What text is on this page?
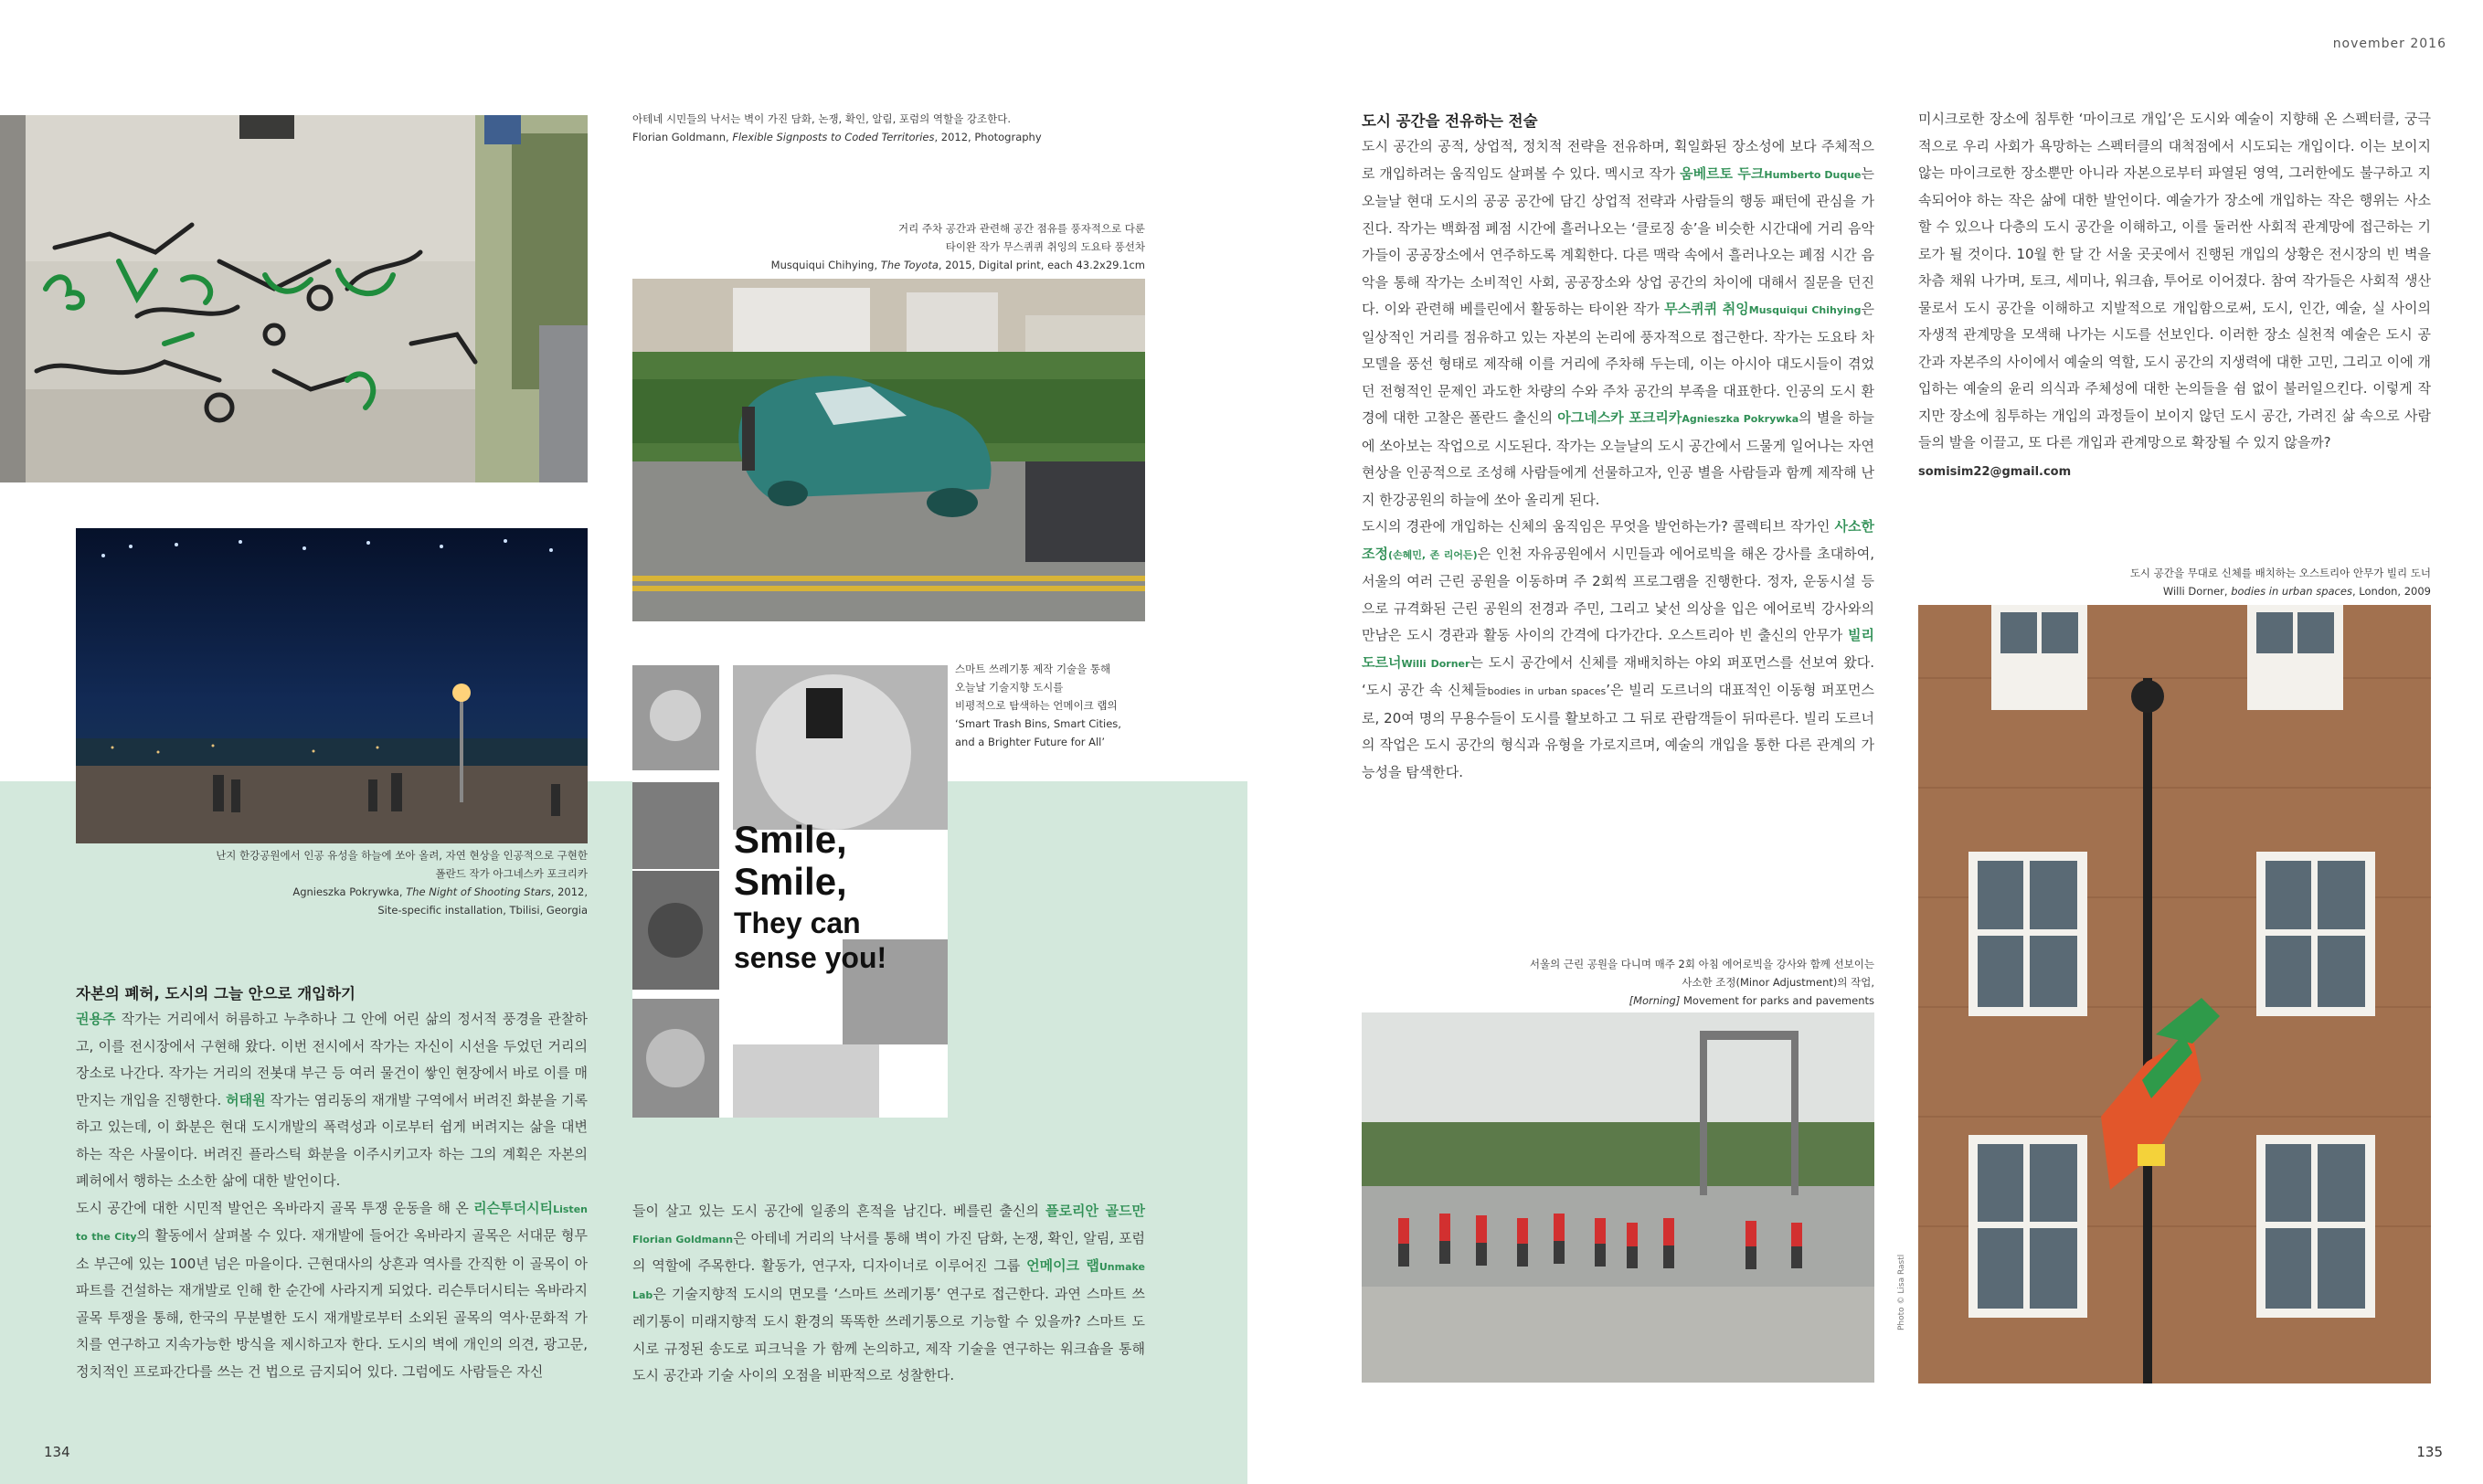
november 2016
134	135
Smile,
Smile,
They can
sense you!
Photo © Lisa Rastl
아테네 시민들의 낙서는 벽이 가진 담화, 논쟁, 확인, 알림, 포럼의 역할을 강조한다.
Florian Goldmann, Flexible Signposts to Coded Territories, 2012, Photography
거리 주차 공간과 관련해 공간 점유를 풍자적으로 다룬
타이완 작가 무스퀴퀴 취잉의 도요타 풍선차
Musquiqui Chihying, The Toyota, 2015, Digital print, each 43.2x29.1cm
스마트 쓰레기통 제작 기술을 통해
오늘날 기술지향 도시를
비평적으로 탐색하는 언메이크 랩의
‘Smart Trash Bins, Smart Cities,
and a Brighter Future for All’
난지 한강공원에서 인공 유성을 하늘에 쏘아 올려, 자연 현상을 인공적으로 구현한
폴란드 작가 아그네스카 포크리카
Agnieszka Pokrywka, The Night of Shooting Stars, 2012,
Site-specific installation, Tbilisi, Georgia
서울의 근린 공원을 다니며 매주 2회 아침 에어로빅을 강사와 함께 선보이는
사소한 조정(Minor Adjustment)의 작업,
[Morning] Movement for parks and pavements
도시 공간을 무대로 신체를 배치하는 오스트리아 안무가 빌리 도너
Willi Dorner, bodies in urban spaces, London, 2009
자본의 폐허, 도시의 그늘 안으로 개입하기

권용주 작가는 거리에서 허름하고 누추하나 그 안에 어린 삶의 정서적 풍경을 관찰하고, 이를 전시장에서 구현해 왔다. 이번 전시에서 작가는 자신이 시선을 두었던 거리의 장소로 나간다. 작가는 거리의 전봇대 부근 등 여러 물건이 쌓인 현장에서 바로 이를 매만지는 개입을 진행한다. 허태원 작가는 염리동의 재개발 구역에서 버려진 화분을 기록하고 있는데, 이 화분은 현대 도시개발의 폭력성과 이로부터 쉽게 버려지는 삶을 대변하는 작은 사물이다. 버려진 플라스틱 화분을 이주시키고자 하는 그의 계획은 자본의 폐허에서 행하는 소소한 삶에 대한 발언이다.

도시 공간에 대한 시민적 발언은 옥바라지 골목 투쟁 운동을 해 온 리슨투더시티Listen to the City의 활동에서 살펴볼 수 있다. 재개발에 들어간 옥바라지 골목은 서대문 형무소 부근에 있는 100년 넘은 마을이다. 근현대사의 상흔과 역사를 간직한 이 골목이 아파트를 건설하는 재개발로 인해 한 순간에 사라지게 되었다. 리슨투더시티는 옥바라지 골목 투쟁을 통해, 한국의 무분별한 도시 재개발로부터 소외된 골목의 역사·문화적 가치를 연구하고 지속가능한 방식을 제시하고자 한다. 도시의 벽에 개인의 의견, 광고문, 정치적인 프로파간다를 쓰는 건 법으로 금지되어 있다. 그럼에도 사람들은 자신

들이 살고 있는 도시 공간에 일종의 흔적을 남긴다. 베를린 출신의 플로리안 골드만Florian Goldmann은 아테네 거리의 낙서를 통해 벽이 가진 담화, 논쟁, 확인, 알림, 포럼의 역할에 주목한다. 활동가, 연구자, 디자이너로 이루어진 그룹 언메이크 랩Unmake Lab은 기술지향적 도시의 면모를 ‘스마트 쓰레기통’ 연구로 접근한다. 과연 스마트 쓰레기통이 미래지향적 도시 환경의 똑똑한 쓰레기통으로 기능할 수 있을까? 스마트 도시로 규정된 송도로 피크닉을 가 함께 논의하고, 제작 기술을 연구하는 워크숍을 통해 도시 공간과 기술 사이의 오점을 비판적으로 성찰한다.

도시 공간을 전유하는 전술

도시 공간의 공적, 상업적, 정치적 전략을 전유하며, 획일화된 장소성에 보다 주체적으로 개입하려는 움직임도 살펴볼 수 있다. 멕시코 작가 움베르토 두크Humberto Duque는 오늘날 현대 도시의 공공 공간에 담긴 상업적 전략과 사람들의 행동 패턴에 관심을 가진다. 작가는 백화점 폐점 시간에 흘러나오는 ‘클로징 송’을 비슷한 시간대에 거리 음악가들이 공공장소에서 연주하도록 계획한다. 다른 맥락 속에서 흘러나오는 폐점 시간 음악을 통해 작가는 소비적인 사회, 공공장소와 상업 공간의 차이에 대해서 질문을 던진다. 이와 관련해 베를린에서 활동하는 타이완 작가 무스퀴퀴 취잉Musquiqui Chihying은 일상적인 거리를 점유하고 있는 자본의 논리에 풍자적으로 접근한다. 작가는 도요타 차 모델을 풍선 형태로 제작해 이를 거리에 주차해 두는데, 이는 아시아 대도시들이 겪었던 전형적인 문제인 과도한 차량의 수와 주차 공간의 부족을 대표한다. 인공의 도시 환경에 대한 고찰은 폴란드 출신의 아그네스카 포크리카Agnieszka Pokrywka의 별을 하늘에 쏘아보는 작업으로 시도된다. 작가는 오늘날의 도시 공간에서 드물게 일어나는 자연 현상을 인공적으로 조성해 사람들에게 선물하고자, 인공 별을 사람들과 함께 제작해 난지 한강공원의 하늘에 쏘아 올리게 된다.

도시의 경관에 개입하는 신체의 움직임은 무엇을 발언하는가? 콜렉티브 작가인 사소한 조정(손혜민, 존 리어든)은 인천 자유공원에서 시민들과 에어로빅을 해온 강사를 초대하여, 서울의 여러 근린 공원을 이동하며 주 2회씩 프로그램을 진행한다. 정자, 운동시설 등으로 규격화된 근린 공원의 전경과 주민, 그리고 낯선 의상을 입은 에어로빅 강사와의 만남은 도시 경관과 활동 사이의 간격에 다가간다. 오스트리아 빈 출신의 안무가 빌리 도르너Willi Dorner는 도시 공간에서 신체를 재배치하는 야외 퍼포먼스를 선보여 왔다. ‘도시 공간 속 신체들bodies in urban spaces’은 빌리 도르너의 대표적인 이동형 퍼포먼스로, 20여 명의 무용수들이 도시를 활보하고 그 뒤로 관람객들이 뒤따른다. 빌리 도르너의 작업은 도시 공간의 형식과 유형을 가로지르며, 예술의 개입을 통한 다른 관계의 가능성을 탐색한다.

미시크로한 장소에 침투한 ‘마이크로 개입’은 도시와 예술이 지향해 온 스펙터클, 궁극적으로 우리 사회가 욕망하는 스펙터클의 대척점에서 시도되는 개입이다. 이는 보이지 않는 마이크로한 장소뿐만 아니라 자본으로부터 파열된 영역, 그러한에도 불구하고 지속되어야 하는 작은 삶에 대한 발언이다. 예술가가 장소에 개입하는 작은 행위는 사소할 수 있으나 다층의 도시 공간을 이해하고, 이를 둘러싼 사회적 관계망에 접근하는 기로가 될 것이다. 10월 한 달 간 서울 곳곳에서 진행된 개입의 상황은 전시장의 빈 벽을 차츰 채워 나가며, 토크, 세미나, 워크숍, 투어로 이어졌다. 참여 작가들은 사회적 생산물로서 도시 공간을 이해하고 지발적으로 개입함으로써, 도시, 인간, 예술, 실 사이의 자생적 관계망을 모색해 나가는 시도를 선보인다. 이러한 장소 실천적 예술은 도시 공간과 자본주의 사이에서 예술의 역할, 도시 공간의 지생력에 대한 고민, 그리고 이에 개입하는 예술의 윤리 의식과 주체성에 대한 논의들을 쉼 없이 불러일으킨다. 이렇게 작지만 장소에 침투하는 개입의 과정들이 보이지 않던 도시 공간, 가려진 삶 속으로 사람들의 발을 이끌고, 또 다른 개입과 관계망으로 확장될 수 있지 않을까?

somisim22@gmail.com
